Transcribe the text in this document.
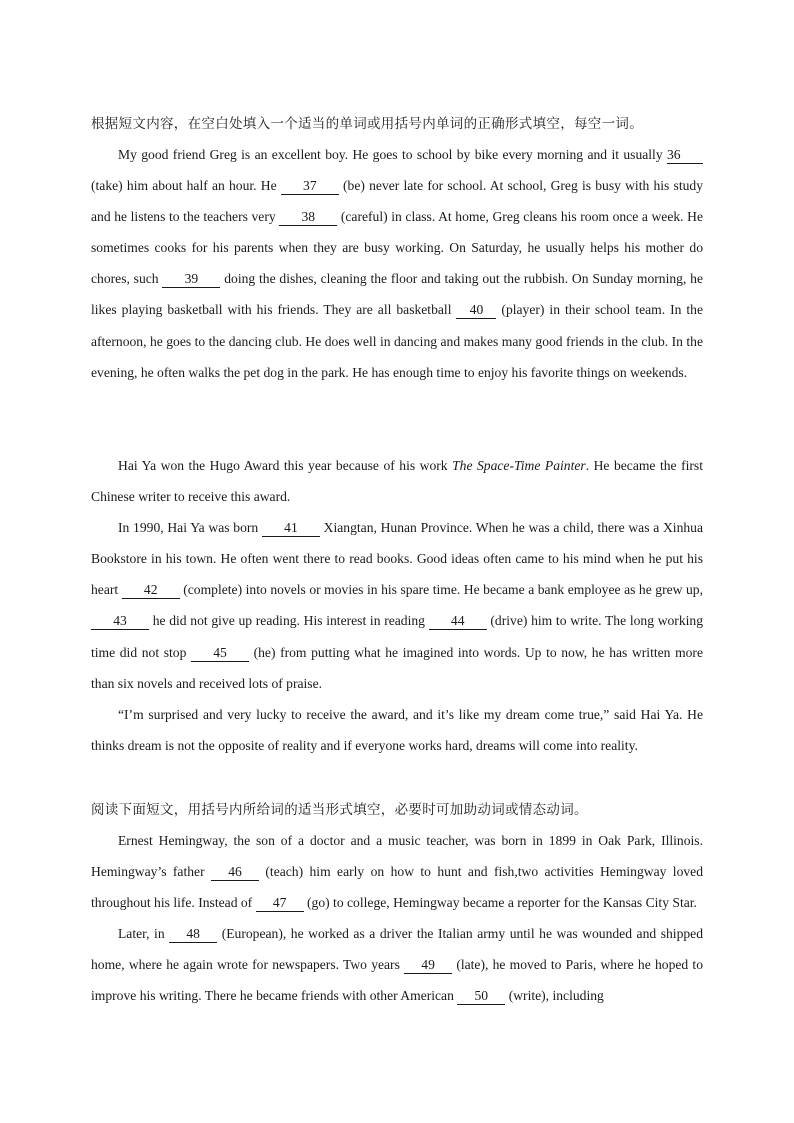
根据短文内容，在空白处填入一个适当的单词或用括号内单词的正确形式填空，每空一词。

My good friend Greg is an excellent boy. He goes to school by bike every morning and it usually 36 (take) him about half an hour. He 37 (be) never late for school. At school, Greg is busy with his study and he listens to the teachers very 38 (careful) in class. At home, Greg cleans his room once a week. He sometimes cooks for his parents when they are busy working. On Saturday, he usually helps his mother do chores, such 39 doing the dishes, cleaning the floor and taking out the rubbish. On Sunday morning, he likes playing basketball with his friends. They are all basketball 40 (player) in their school team. In the afternoon, he goes to the dancing club. He does well in dancing and makes many good friends in the club. In the evening, he often walks the pet dog in the park. He has enough time to enjoy his favorite things on weekends.

Hai Ya won the Hugo Award this year because of his work The Space-Time Painter. He became the first Chinese writer to receive this award.

In 1990, Hai Ya was born 41 Xiangtan, Hunan Province. When he was a child, there was a Xinhua Bookstore in his town. He often went there to read books. Good ideas often came to his mind when he put his heart 42 (complete) into novels or movies in his spare time. He became a bank employee as he grew up, 43 he did not give up reading. His interest in reading 44 (drive) him to write. The long working time did not stop 45 (he) from putting what he imagined into words. Up to now, he has written more than six novels and received lots of praise.

“I’m surprised and very lucky to receive the award, and it’s like my dream come true,” said Hai Ya. He thinks dream is not the opposite of reality and if everyone works hard, dreams will come into reality.

阅读下面短文，用括号内所给词的适当形式填空，必要时可加助动词或情态动词。

Ernest Hemingway, the son of a doctor and a music teacher, was born in 1899 in Oak Park, Illinois. Hemingway’s father 46 (teach) him early on how to hunt and fish,two activities Hemingway loved throughout his life. Instead of 47 (go) to college, Hemingway became a reporter for the Kansas City Star.

Later, in 48 (European), he worked as a driver the Italian army until he was wounded and shipped home, where he again wrote for newspapers. Two years 49 (late), he moved to Paris, where he hoped to improve his writing. There he became friends with other American 50 (write), including
